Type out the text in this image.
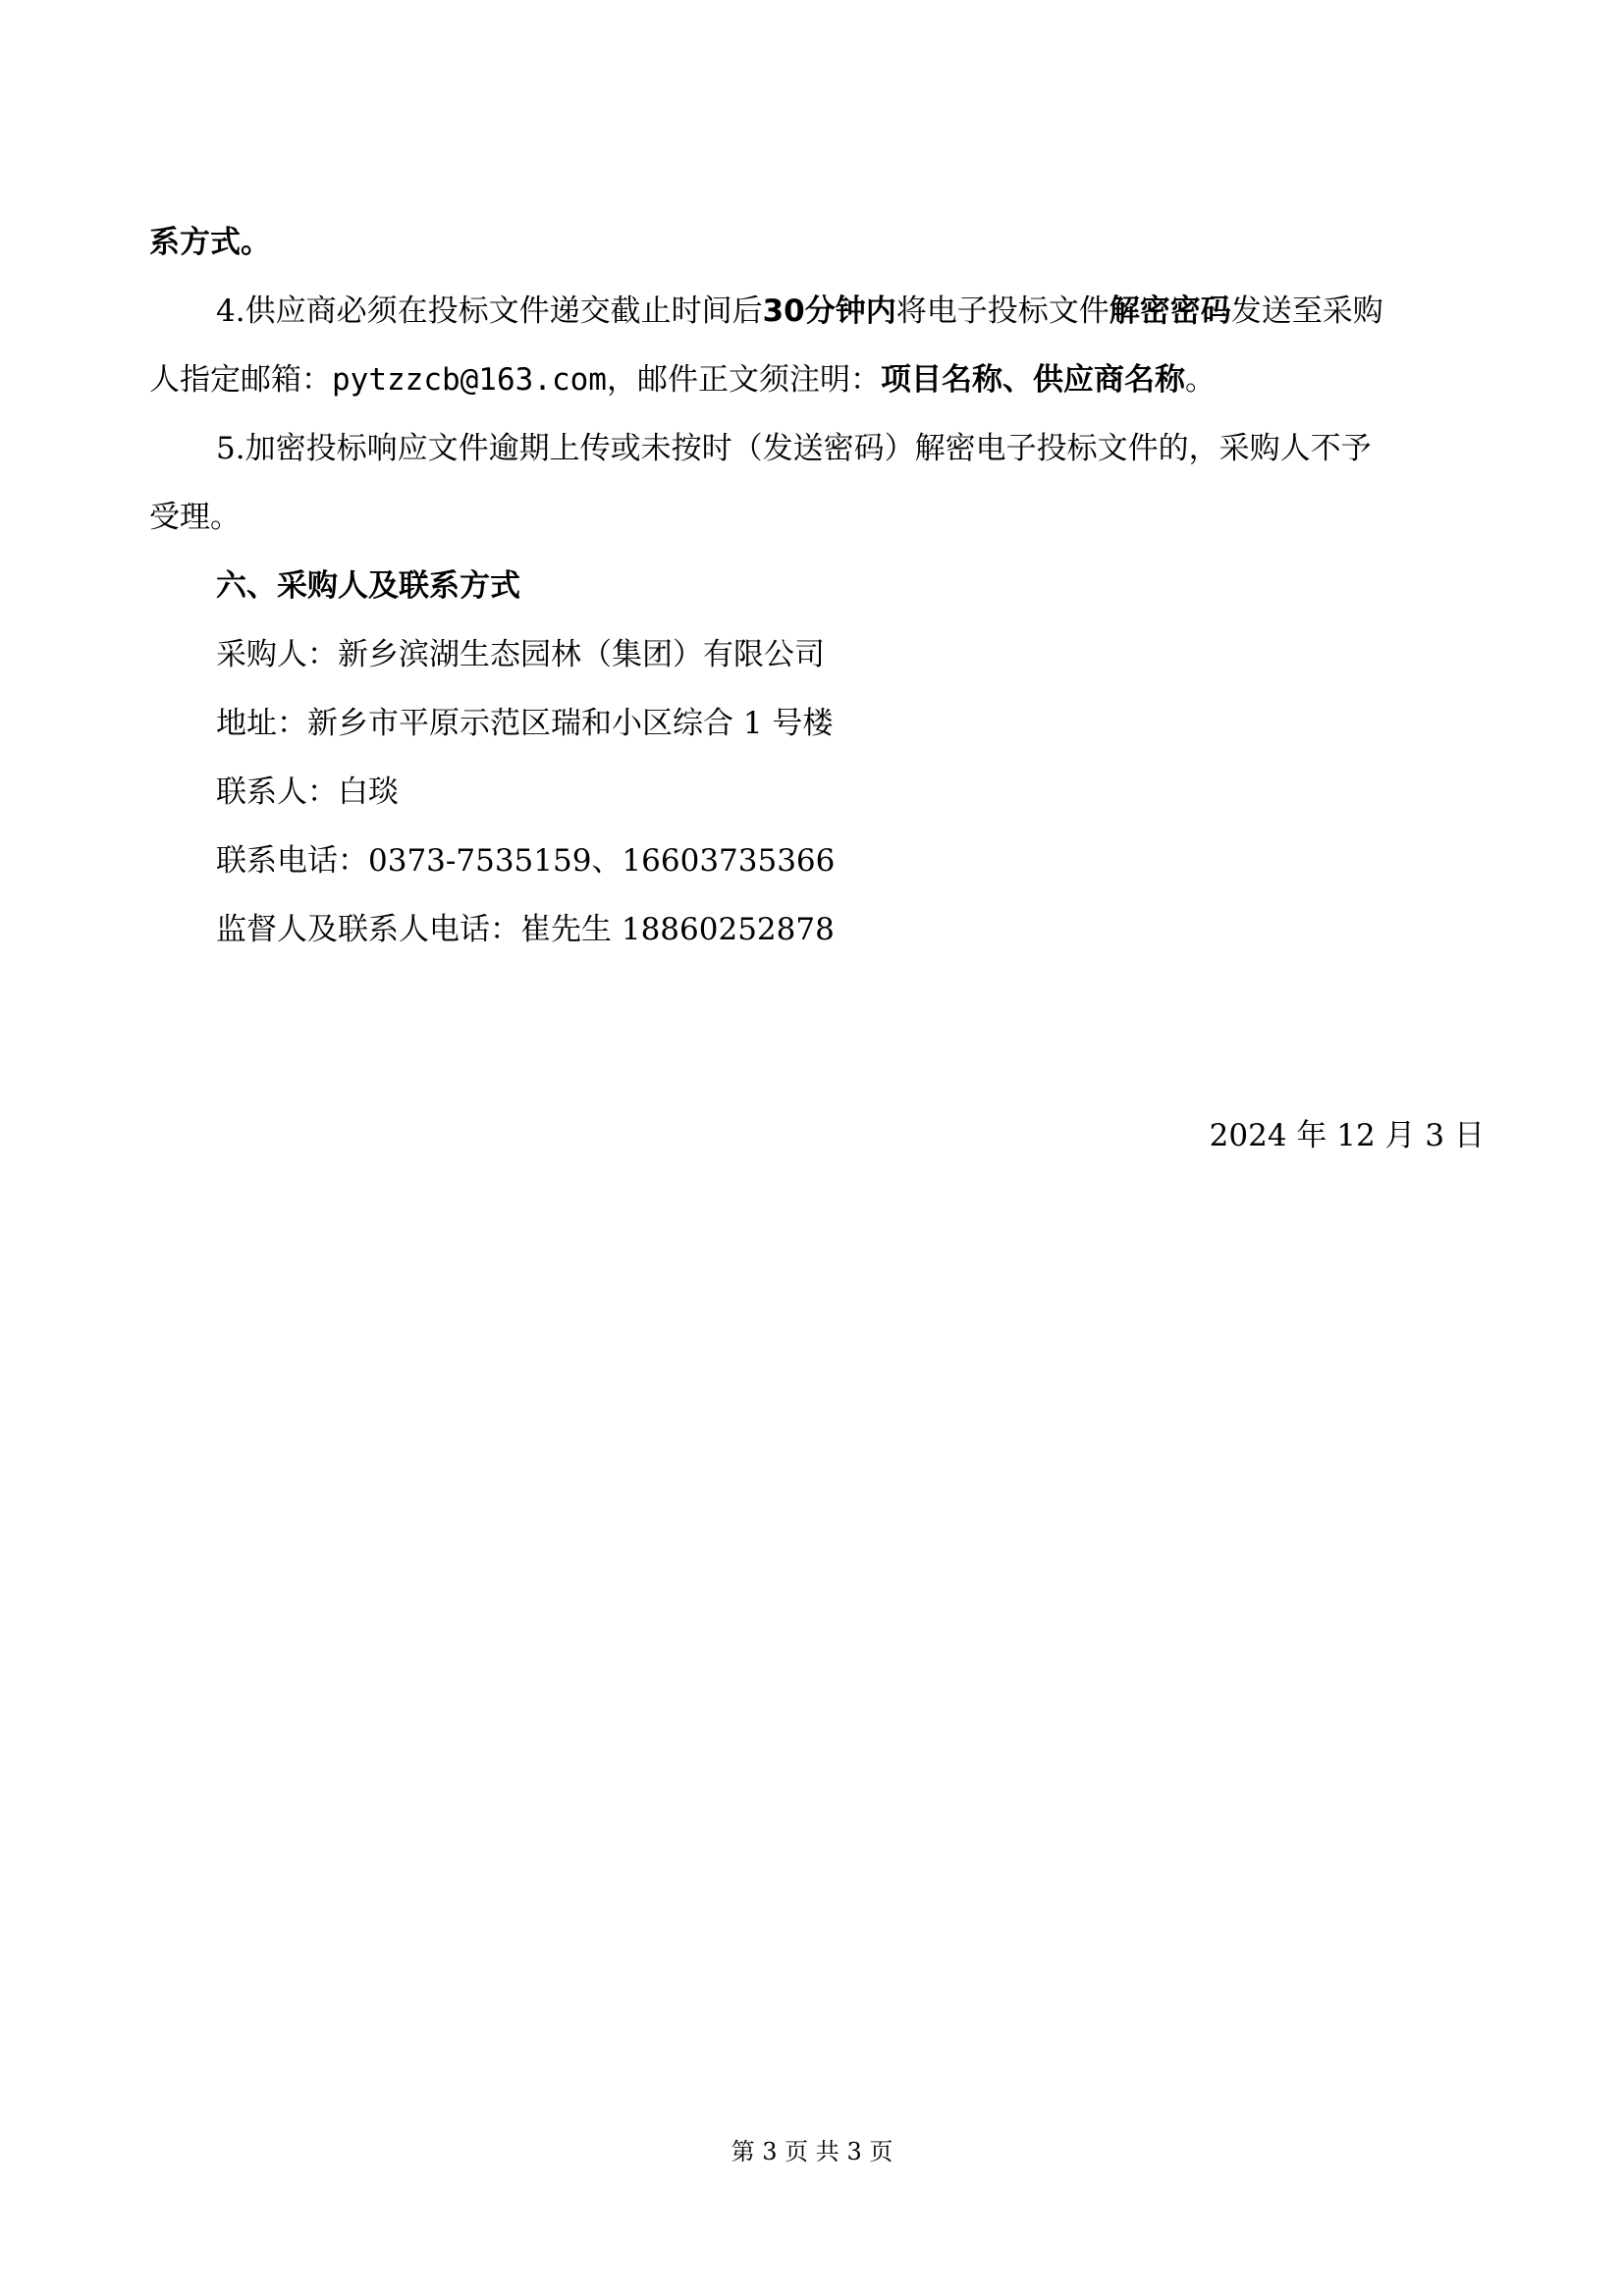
系方式。
4.供应商必须在投标文件递交截止时间后30分钟内将电子投标文件解密密码发送至采购
人指定邮箱：pytzzcb@163.com，邮件正文须注明：项目名称、供应商名称。
5.加密投标响应文件逾期上传或未按时（发送密码）解密电子投标文件的，采购人不予
受理。
六、采购人及联系方式
采购人：新乡滨湖生态园林（集团）有限公司
地址：新乡市平原示范区瑞和小区综合 1 号楼
联系人：白琰
联系电话：0373-7535159、16603735366
监督人及联系人电话：崔先生 18860252878
2024 年 12 月 3 日
第 3 页 共 3 页
